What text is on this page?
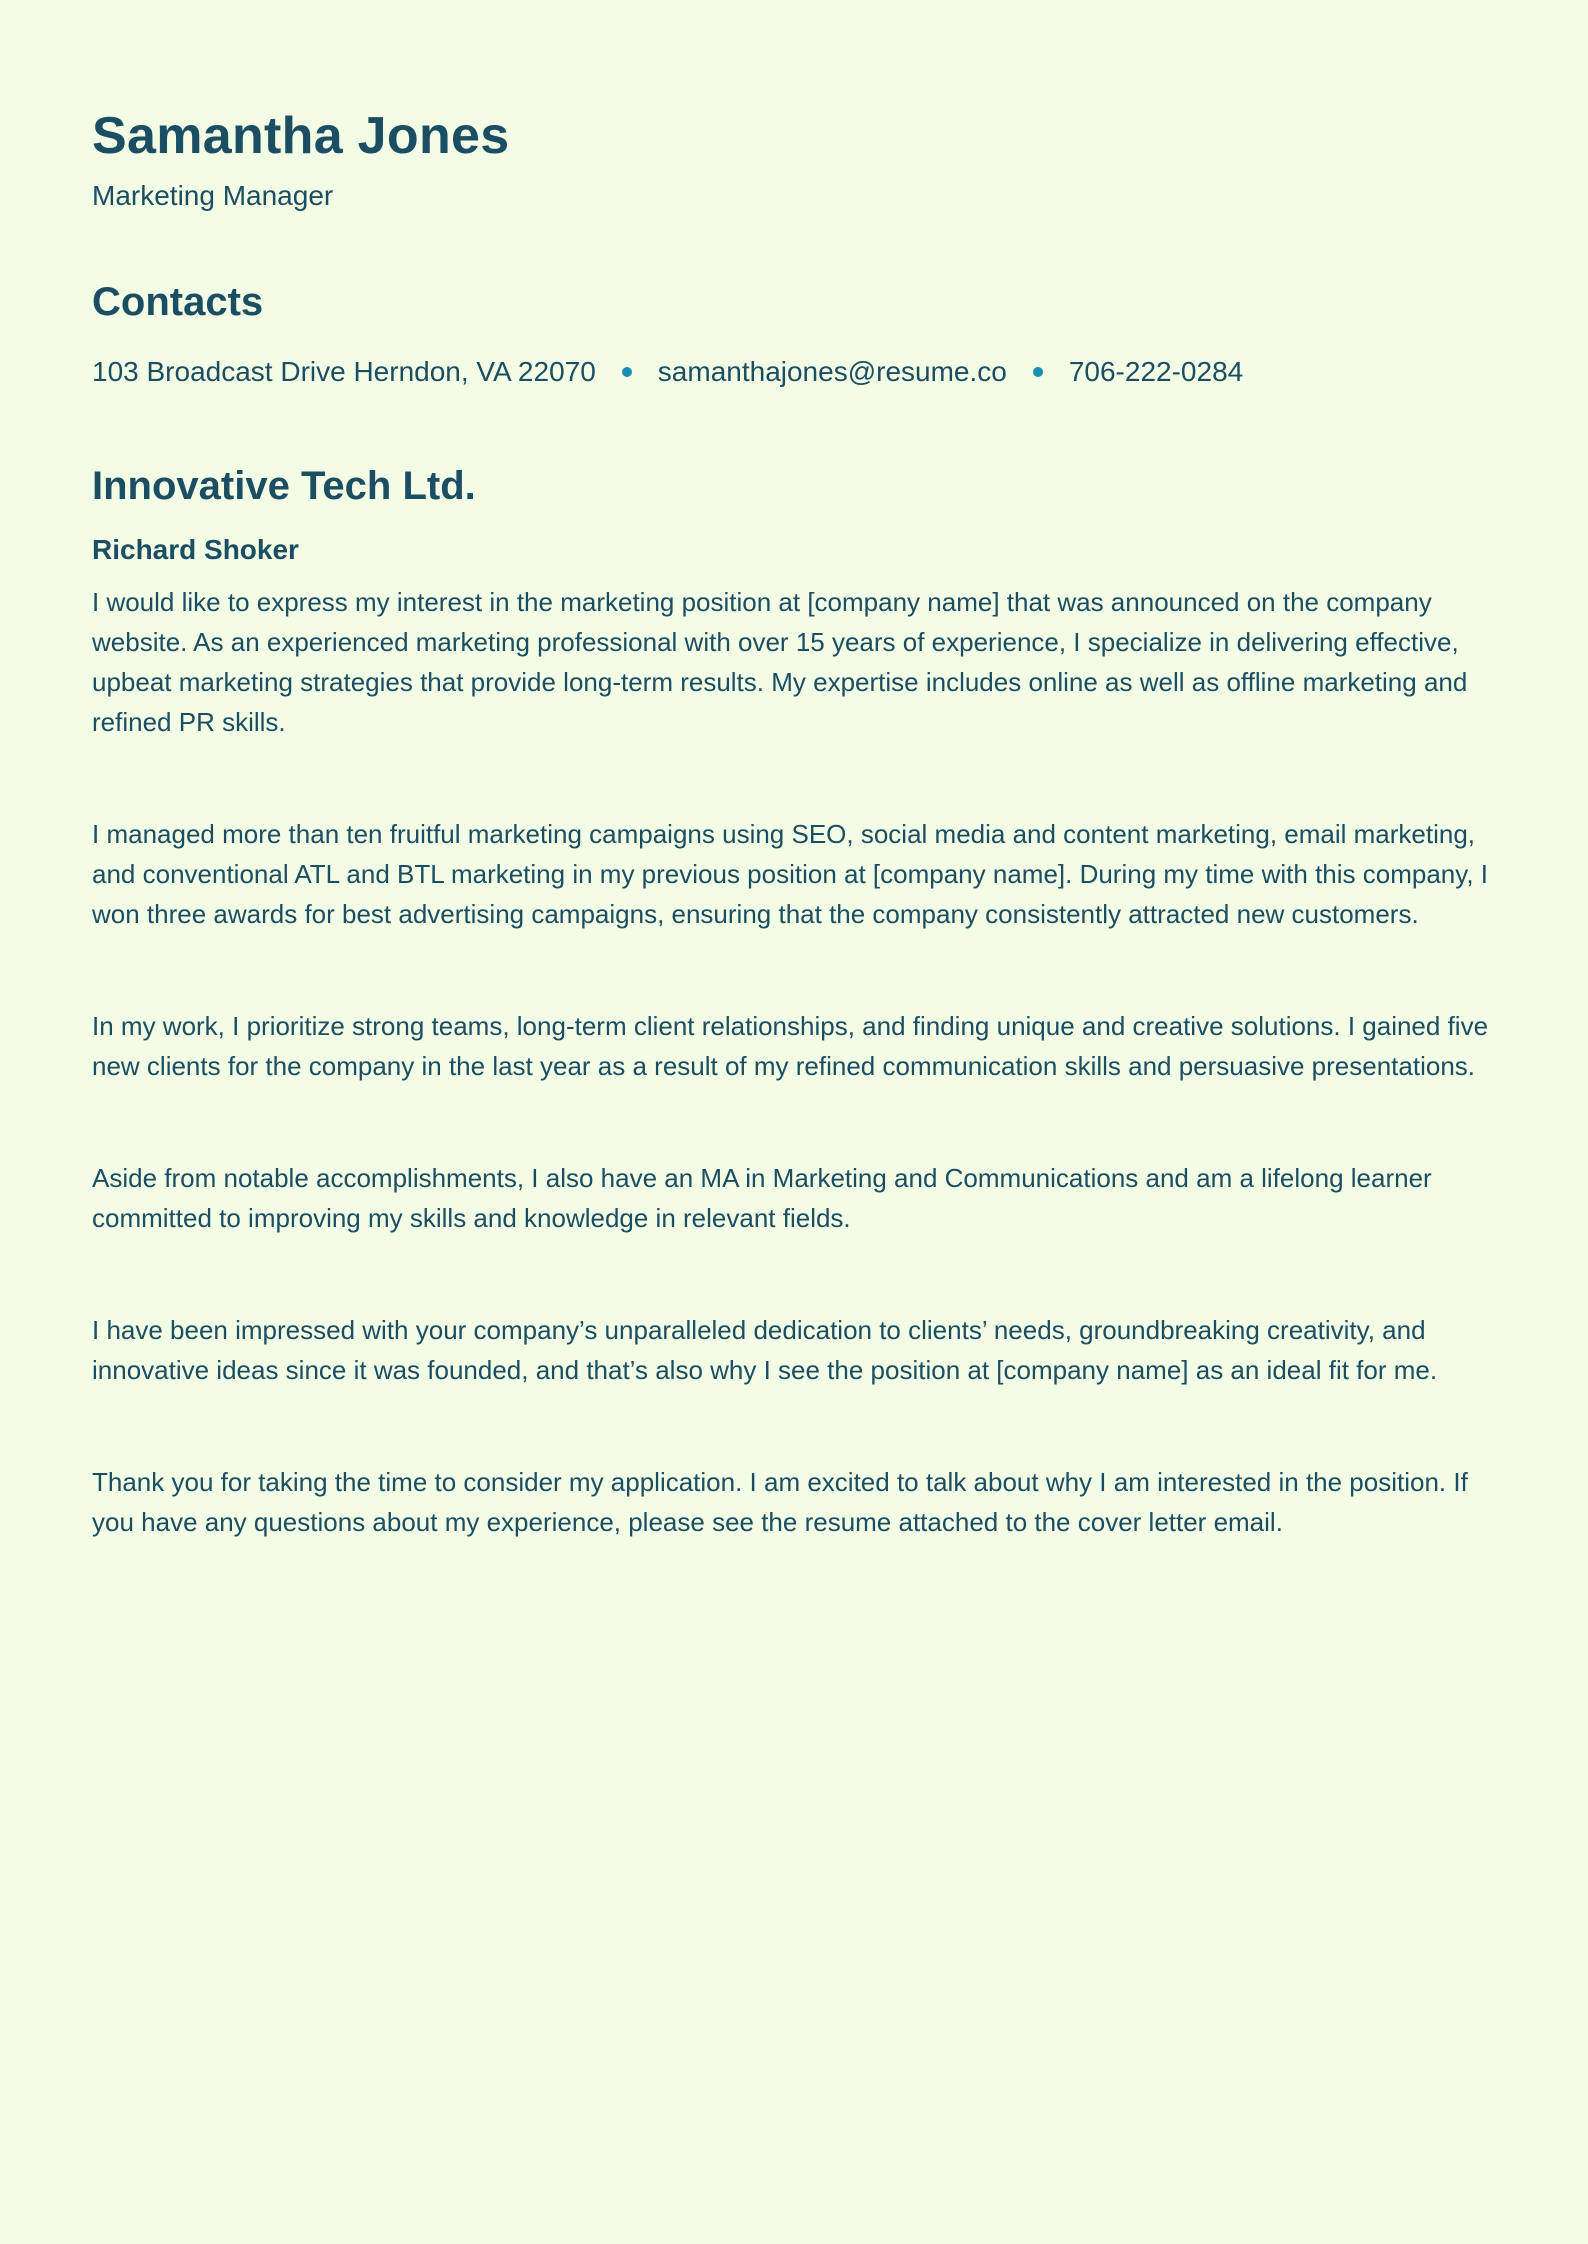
Samantha Jones
Marketing Manager
Contacts
103 Broadcast Drive Herndon, VA 22070 samanthajones@resume.co 706-222-0284
Innovative Tech Ltd.
Richard Shoker

I would like to express my interest in the marketing position at [company name] that was announced on the company website. As an experienced marketing professional with over 15 years of experience, I specialize in delivering effective, upbeat marketing strategies that provide long-term results. My expertise includes online as well as offline marketing and refined PR skills.

I managed more than ten fruitful marketing campaigns using SEO, social media and content marketing, email marketing, and conventional ATL and BTL marketing in my previous position at [company name]. During my time with this company, I won three awards for best advertising campaigns, ensuring that the company consistently attracted new customers.

In my work, I prioritize strong teams, long-term client relationships, and finding unique and creative solutions. I gained five new clients for the company in the last year as a result of my refined communication skills and persuasive presentations.

Aside from notable accomplishments, I also have an MA in Marketing and Communications and am a lifelong learner committed to improving my skills and knowledge in relevant fields.

I have been impressed with your company’s unparalleled dedication to clients’ needs, groundbreaking creativity, and innovative ideas since it was founded, and that’s also why I see the position at [company name] as an ideal fit for me.

Thank you for taking the time to consider my application. I am excited to talk about why I am interested in the position. If you have any questions about my experience, please see the resume attached to the cover letter email.
